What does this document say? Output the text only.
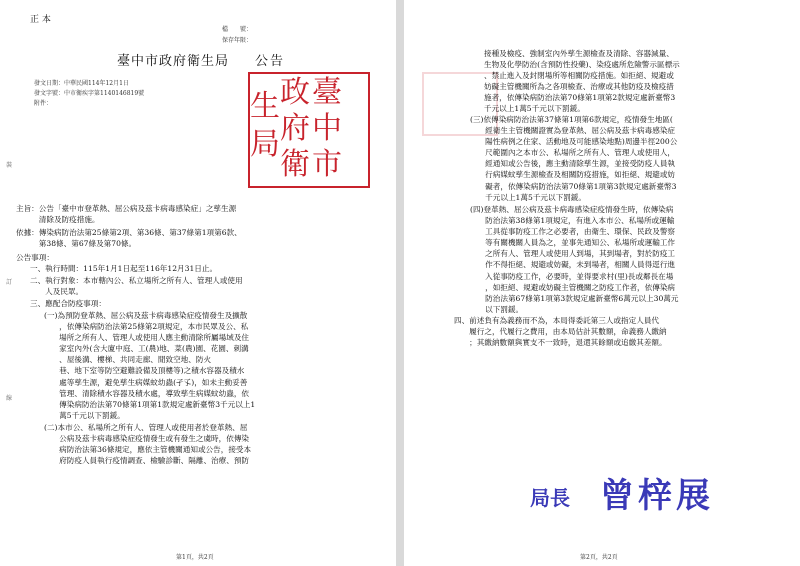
正 本
檔　　號：
保存年限：
臺中市政府衛生局 公告
發文日期：中華民國114年12月1日
發文字號：中市衛疾字第1140146819號
附件：	臺
中
市
政
府
衛
生
局
裝
訂
線
主旨：公告「臺中市登革熱、屈公病及茲卡病毒感染症」之孳生源
　　　清除及防疫措施。
依據：傳染病防治法第25條第2項、第36條、第37條第1項第6款、
　　　第38條、第67條及第70條。
公告事項：
一、執行時間：115年1月1日起至116年12月31日止。
二、執行對象：本市轄內公、私立場所之所有人、管理人或使用
　　人及民眾。
三、應配合防疫事項：
(一)為預防登革熱、屈公病及茲卡病毒感染症疫情發生及擴散
　　，依傳染病防治法第25條第2項規定，本市民眾及公、私
　　場所之所有人、管理人或使用人應主動清除所屬場域及住
　　家室內外(含大廈中庭、工(農)地、菜(農)園、花園、刺溝
　　、屋後溝、樓梯、共同走廊、閒致空地、防火
　　巷、地下室等防空避難設備及頂樓等)之積水容器及積水
　　處等孳生源，避免孳生病媒蚊幼蟲(孑孓)，如未主動妥善
　　管理、清除積水容器及積水處，導致孳生病媒蚊幼蟲，依
　　傳染病防治法第70條第1項第1款規定處新臺幣3千元以上1
　　萬5千元以下罰鍰。
(二)本市公、私場所之所有人、管理人或使用者於登革熱、屈
　　公病及茲卡病毒感染症疫情發生或有發生之虞時，依傳染
　　病防治法第36條規定，應依主管機關通知或公告，接受本
　　府防疫人員執行疫情調查、檢驗診斷、隔離、治療、預防
第1頁，共2頁
接種及檢疫、強制室內外孳生源檢查及清除、容器減量、
生物及化學防治(含預防性投藥)、染疫處所危險警示區標示
、禁止進入及封閉場所等相關防疫措施。如拒絕、規避或
妨礙主管機關所為之各項檢查、治療或其他防疫及檢疫措
施者，依傳染病防治法第70條第1項第2款規定處新臺幣3
千元以上1萬5千元以下罰鍰。
(三)依傳染病防治法第37條第1項第6款規定，疫情發生地區(
　　經衛生主管機關證實為登革熱、屈公病及茲卡病毒感染症
　　陽性病例之住家、活動地及可能感染地點)周邊半徑200公
　　尺範圍內之本市公、私場所之所有人、管理人或使用人，
　　經通知或公告後，應主動清除孳生源，並接受防疫人員執
　　行病媒蚊孳生源檢查及相關防疫措施，如拒絕、規避或妨
　　礙者，依傳染病防治法第70條第1項第3款規定處新臺幣3
　　千元以上1萬5千元以下罰鍰。
(四)登革熱、屈公病及茲卡病毒感染症疫情發生時，依傳染病
　　防治法第38條第1項規定，有進入本市公、私場所或運輸
　　工具從事防疫工作之必要者，由衛生、環保、民政及警察
　　等有關機關人員為之，並事先通知公、私場所或運輸工作
　　之所有人、管理人或使用人到場，其到場者，對於防疫工
　　作不得拒絕、規避或妨礙，未到場者，相關人員得逕行進
　　入從事防疫工作，必要時，並得要求村(里)長或鄰長在場
　　，如拒絕、規避或妨礙主管機關之防疫工作者，依傳染病
　　防治法第67條第1項第3款規定處新臺幣6萬元以上30萬元
　　以下罰鍰。
四、前述負有為義務而不為，本局得委託第三人或指定人員代
　　履行之，代履行之費用，由本局估計其數額，命義務人繳納
　　；其繳納數額與實支不一致時，退還其餘額或追繳其差額。
局長 曾梓展
第2頁，共2頁
